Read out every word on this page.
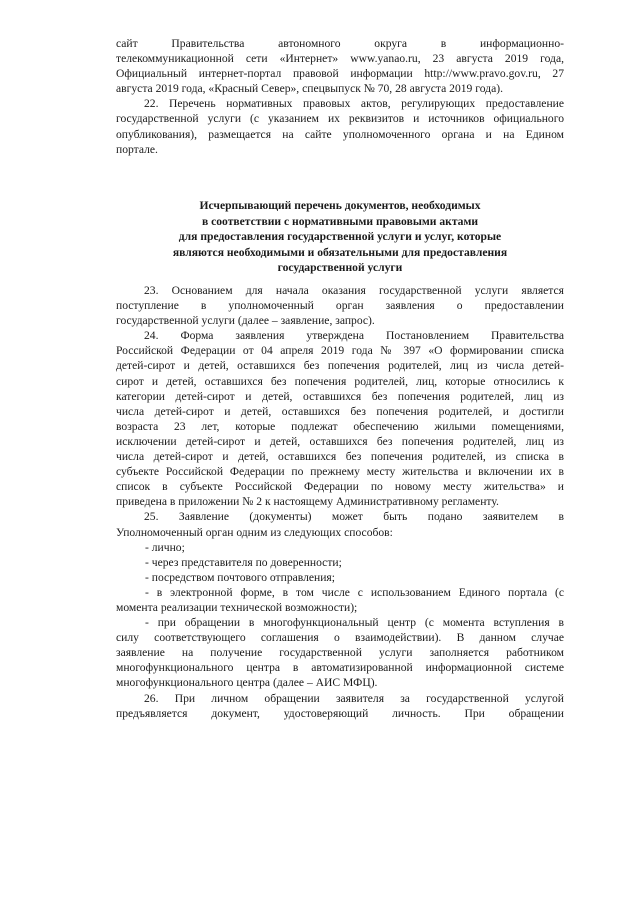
сайт Правительства автономного округа в информационно-

телекоммуникационной сети «Интернет» www.yanao.ru, 23 августа 2019 года,

Официальный интернет-портал правовой информации http://www.pravo.gov.ru, 27

августа 2019 года, «Красный Север», спецвыпуск № 70, 28 августа 2019 года).

22. Перечень нормативных правовых актов, регулирующих предоставление

государственной услуги (с указанием их реквизитов и источников официального

опубликования), размещается на сайте уполномоченного органа и на Едином

портале.

Исчерпывающий перечень документов, необходимых
в соответствии с нормативными правовыми актами
для предоставления государственной услуги и услуг, которые
являются необходимыми и обязательными для предоставления
государственной услуги

23. Основанием для начала оказания государственной услуги является

поступление в уполномоченный орган заявления о предоставлении

государственной услуги (далее – заявление, запрос).

24. Форма заявления утверждена Постановлением Правительства

Российской Федерации от 04 апреля 2019 года № 397 «О формировании списка

детей-сирот и детей, оставшихся без попечения родителей, лиц из числа детей-

сирот и детей, оставшихся без попечения родителей, лиц, которые относились к

категории детей-сирот и детей, оставшихся без попечения родителей, лиц из

числа детей-сирот и детей, оставшихся без попечения родителей, и достигли

возраста 23 лет, которые подлежат обеспечению жилыми помещениями,

исключении детей-сирот и детей, оставшихся без попечения родителей, лиц из

числа детей-сирот и детей, оставшихся без попечения родителей, из списка в

субъекте Российской Федерации по прежнему месту жительства и включении их в

список в субъекте Российской Федерации по новому месту жительства» и

приведена в приложении № 2 к настоящему Административному регламенту.

25. Заявление (документы) может быть подано заявителем в

Уполномоченный орган одним из следующих способов:

- лично;

- через представителя по доверенности;

- посредством почтового отправления;

- в электронной форме, в том числе с использованием Единого портала (с

момента реализации технической возможности);

- при обращении в многофункциональный центр (с момента вступления в

силу соответствующего соглашения о взаимодействии). В данном случае

заявление на получение государственной услуги заполняется работником

многофункционального центра в автоматизированной информационной системе

многофункционального центра (далее – АИС МФЦ).

26. При личном обращении заявителя за государственной услугой

предъявляется документ, удостоверяющий личность. При обращении
